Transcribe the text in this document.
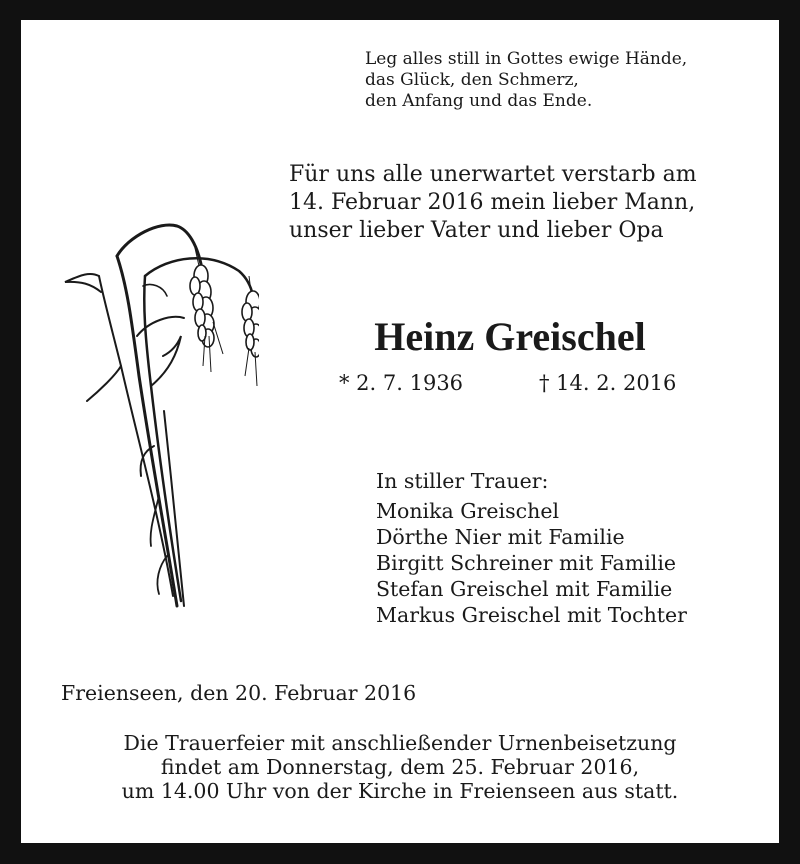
Leg alles still in Gottes ewige Hände,
das Glück, den Schmerz,
den Anfang und das Ende.
Für uns alle unerwartet verstarb am
14. Februar 2016 mein lieber Mann,
unser lieber Vater und lieber Opa
Heinz Greischel
* 2. 7. 1936	† 14. 2. 2016
In stiller Trauer:
Monika Greischel
Dörthe Nier mit Familie
Birgitt Schreiner mit Familie
Stefan Greischel mit Familie
Markus Greischel mit Tochter
Freienseen, den 20. Februar 2016
Die Trauerfeier mit anschließender Urnenbeisetzung
findet am Donnerstag, dem 25. Februar 2016,
um 14.00 Uhr von der Kirche in Freienseen aus statt.
